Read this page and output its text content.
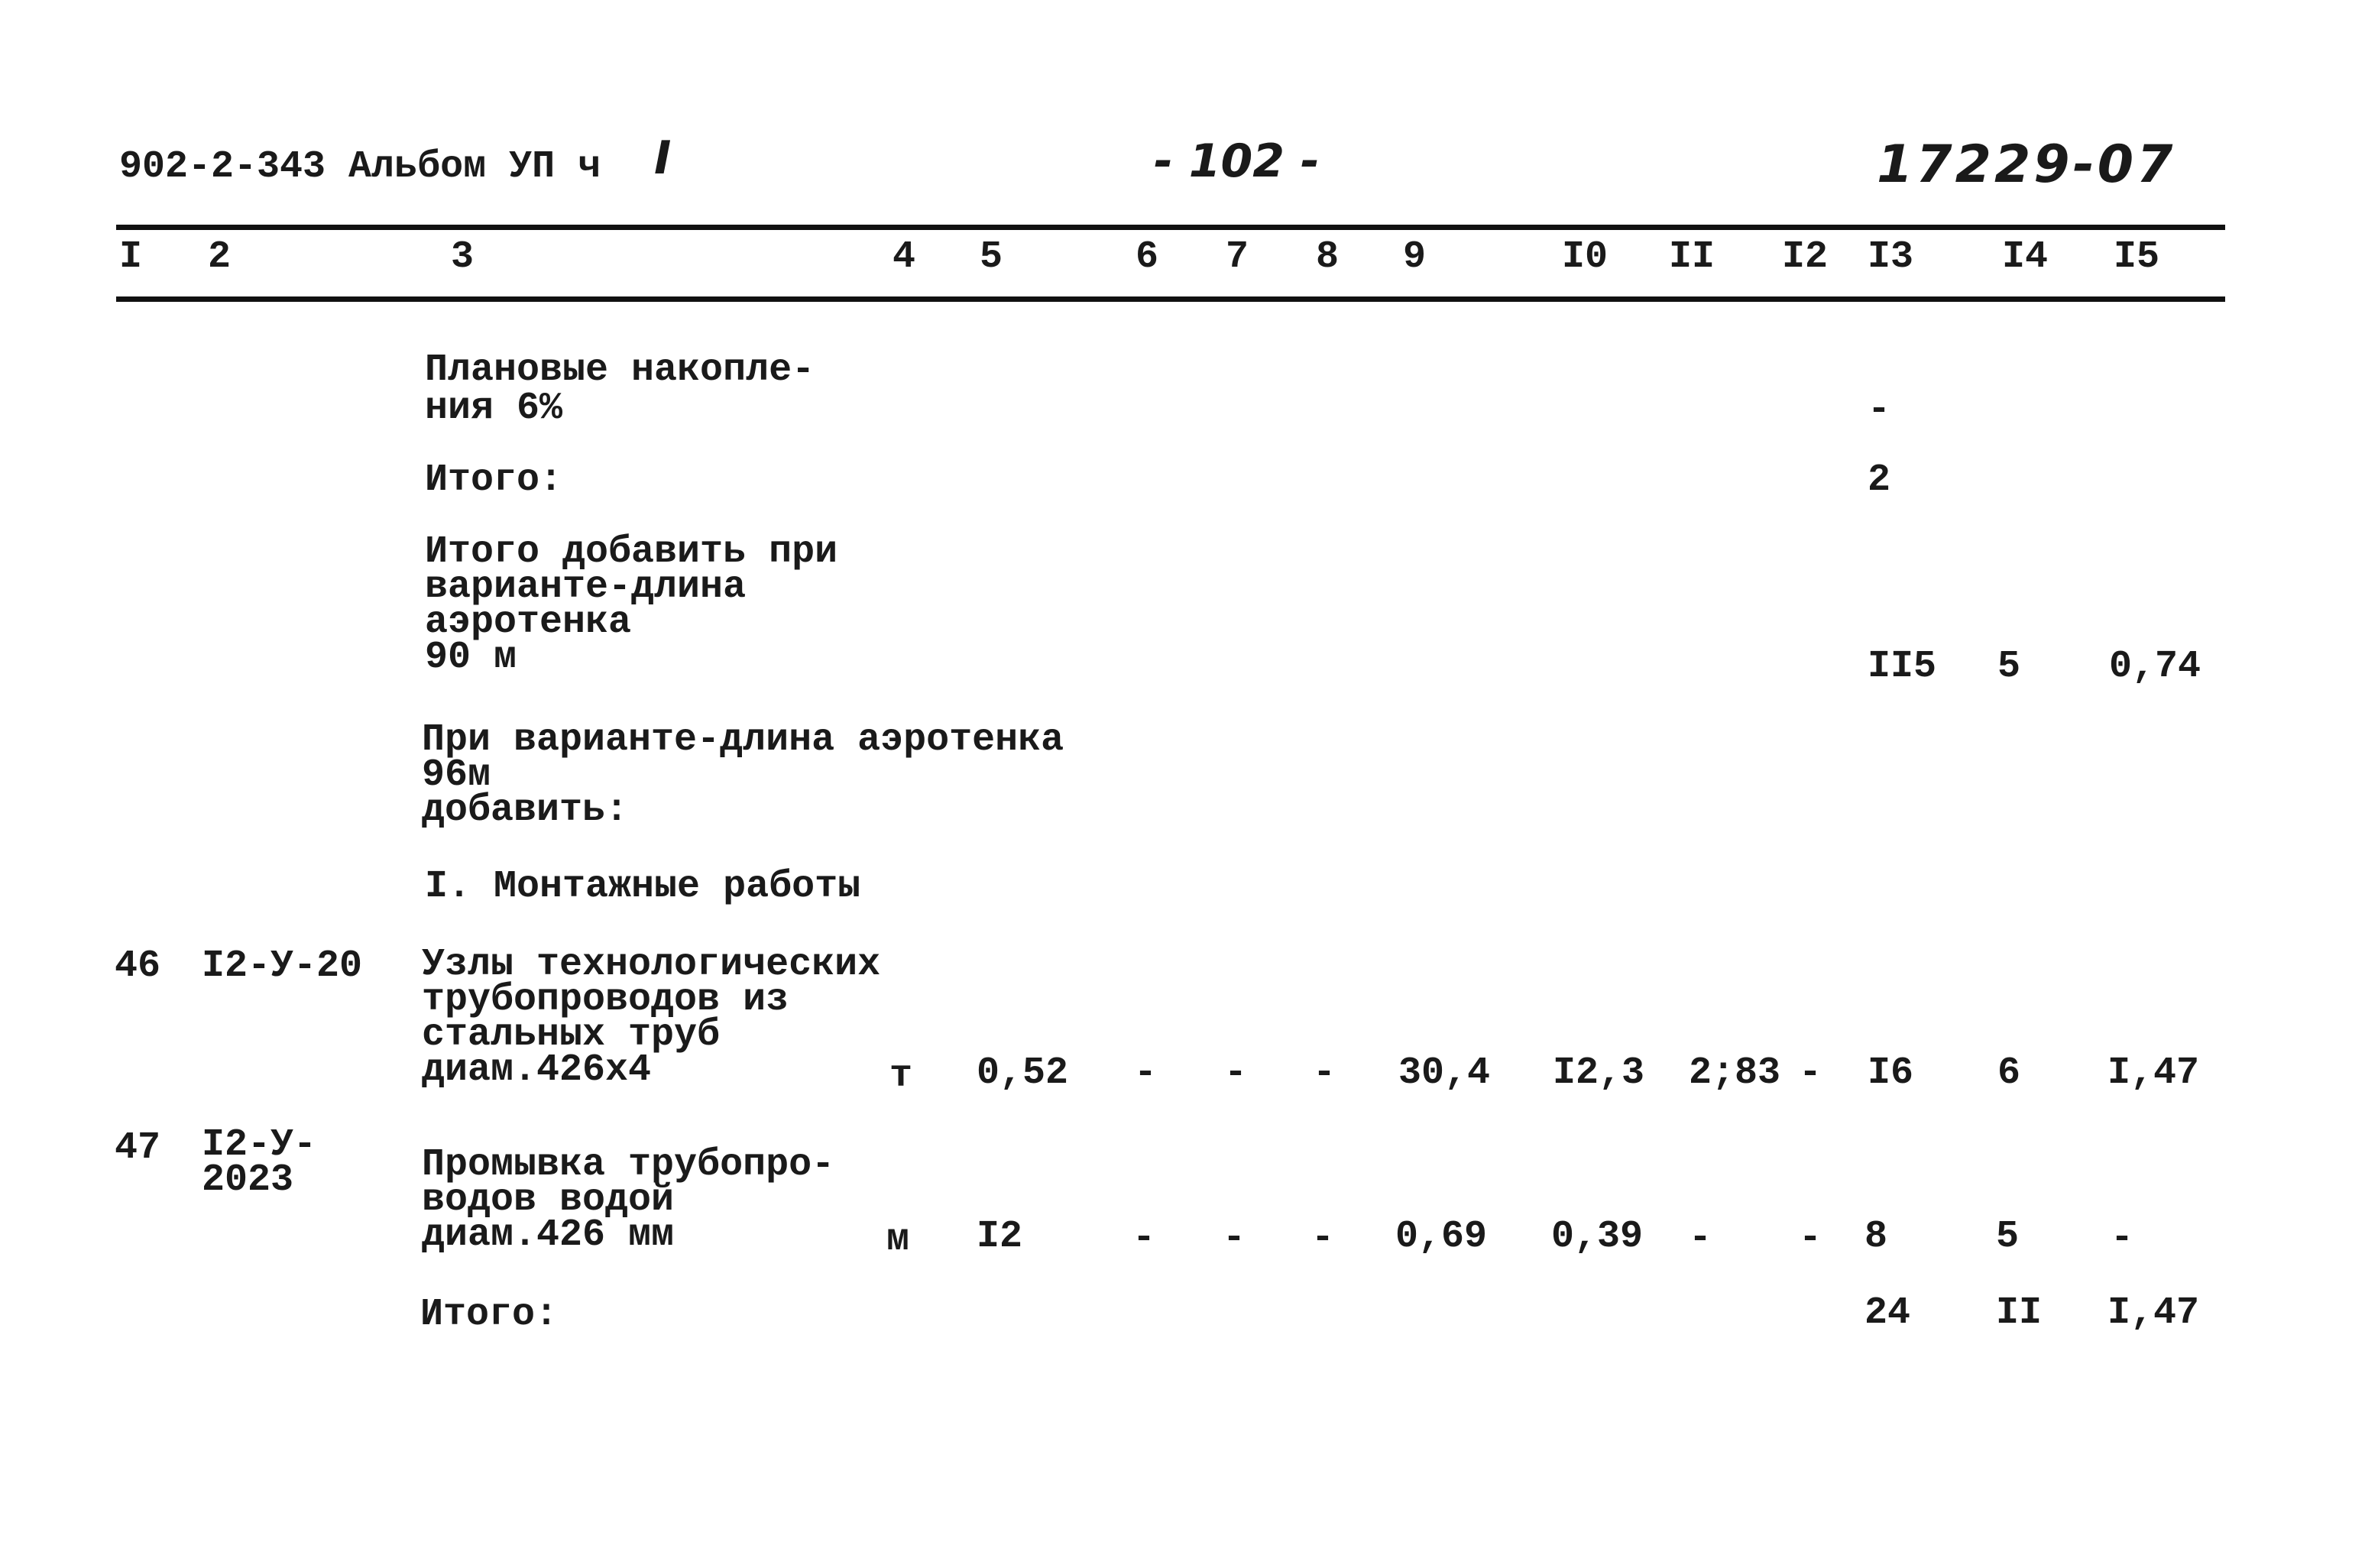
902-2-343 Альбом УП ч I	- 102 -	17229-07
I 2	3	4 5	6 7 8 9	I0 II I2 I3 I4 I5
Плановые накопле-
ния 6%	-
Итого:	2
Итого добавить при
варианте-длина
аэротенка
90 м	II5 5 0,74
При варианте-длина аэротенка
96м
добавить:
I. Монтажные работы
46 I2-У-20 Узлы технологических
трубопроводов из
стальных труб
диам.426х4	т 0,52 - - - 30,4 I2,3 2;83 - I6 6 I,47
47 I2-У-
2023	Промывка трубопро-
водов водой
диам.426 мм	м I2	- - - 0,69 0,39 - - 8	5 -
Итого:	24 II I,47
